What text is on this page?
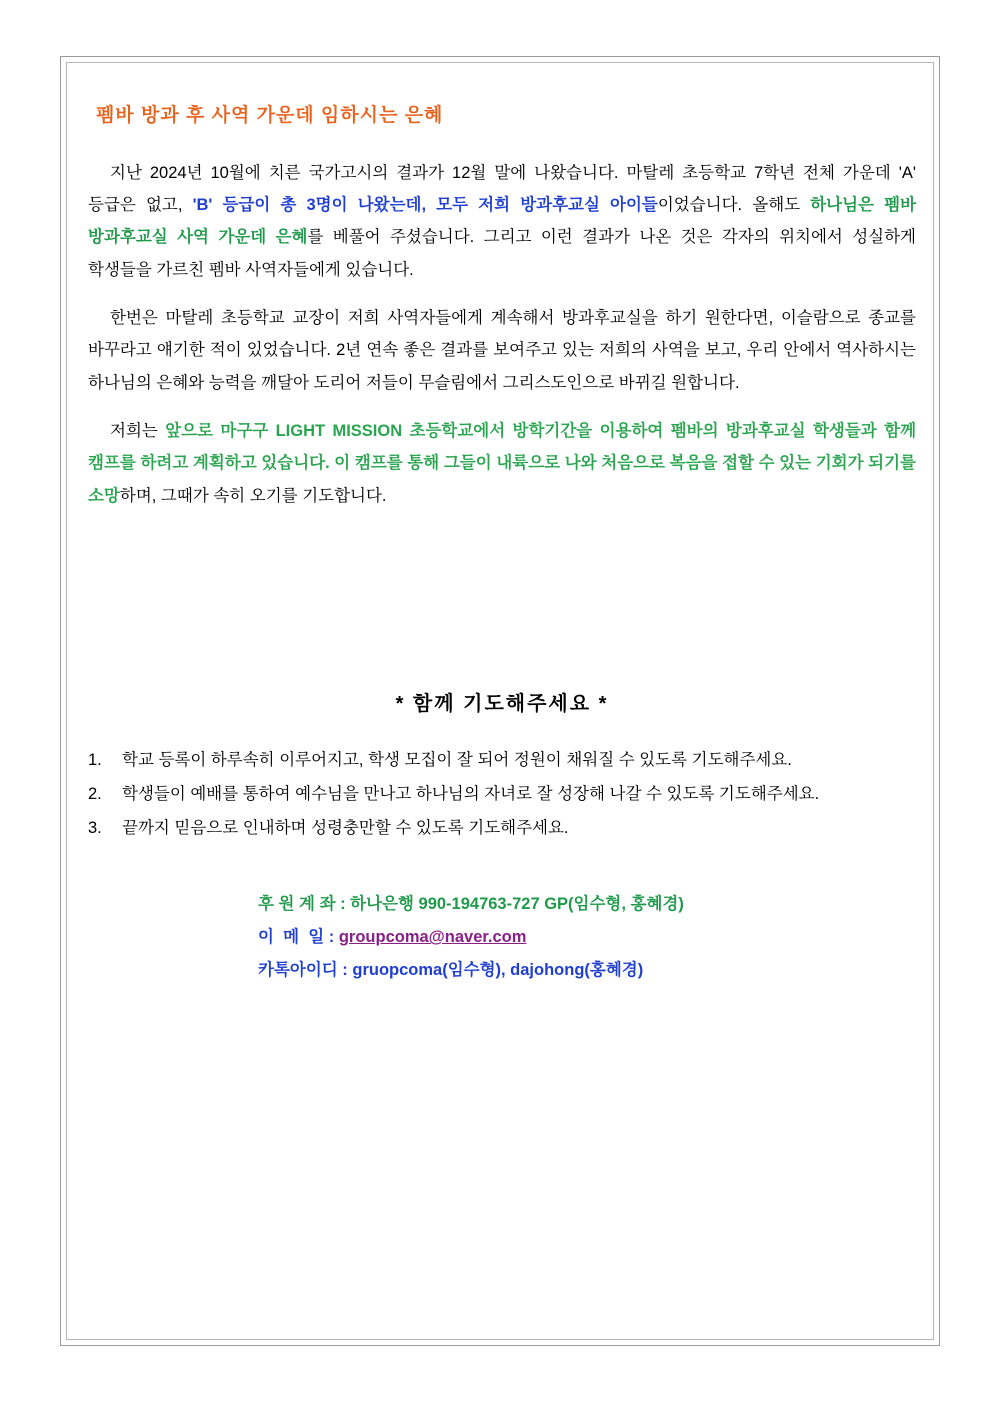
펨바 방과 후 사역 가운데 임하시는 은혜

지난 2024년 10월에 치른 국가고시의 결과가 12월 말에 나왔습니다. 마탈레 초등학교 7학년 전체 가운데 'A' 등급은 없고, 'B' 등급이 총 3명이 나왔는데, 모두 저희 방과후교실 아이들이었습니다. 올해도 하나님은 펨바 방과후교실 사역 가운데 은혜를 베풀어 주셨습니다. 그리고 이런 결과가 나온 것은 각자의 위치에서 성실하게 학생들을 가르친 펨바 사역자들에게 있습니다.

한번은 마탈레 초등학교 교장이 저희 사역자들에게 계속해서 방과후교실을 하기 원한다면, 이슬람으로 종교를 바꾸라고 얘기한 적이 있었습니다. 2년 연속 좋은 결과를 보여주고 있는 저희의 사역을 보고, 우리 안에서 역사하시는 하나님의 은혜와 능력을 깨달아 도리어 저들이 무슬림에서 그리스도인으로 바뀌길 원합니다.

저희는 앞으로 마구구 LIGHT MISSION 초등학교에서 방학기간을 이용하여 펨바의 방과후교실 학생들과 함께 캠프를 하려고 계획하고 있습니다. 이 캠프를 통해 그들이 내륙으로 나와 처음으로 복음을 접할 수 있는 기회가 되기를 소망하며, 그때가 속히 오기를 기도합니다.

* 함께 기도해주세요 *
1.	학교 등록이 하루속히 이루어지고, 학생 모집이 잘 되어 정원이 채워질 수 있도록 기도해주세요.
2.	학생들이 예배를 통하여 예수님을 만나고 하나님의 자녀로 잘 성장해 나갈 수 있도록 기도해주세요.
3.	끝까지 믿음으로 인내하며 성령충만할 수 있도록 기도해주세요.
후 원 계 좌 : 하나은행 990-194763-727 GP(임수형, 홍혜경)
이  메  일 : groupcoma@naver.com
카톡아이디 : gruopcoma(임수형), dajohong(홍혜경)
